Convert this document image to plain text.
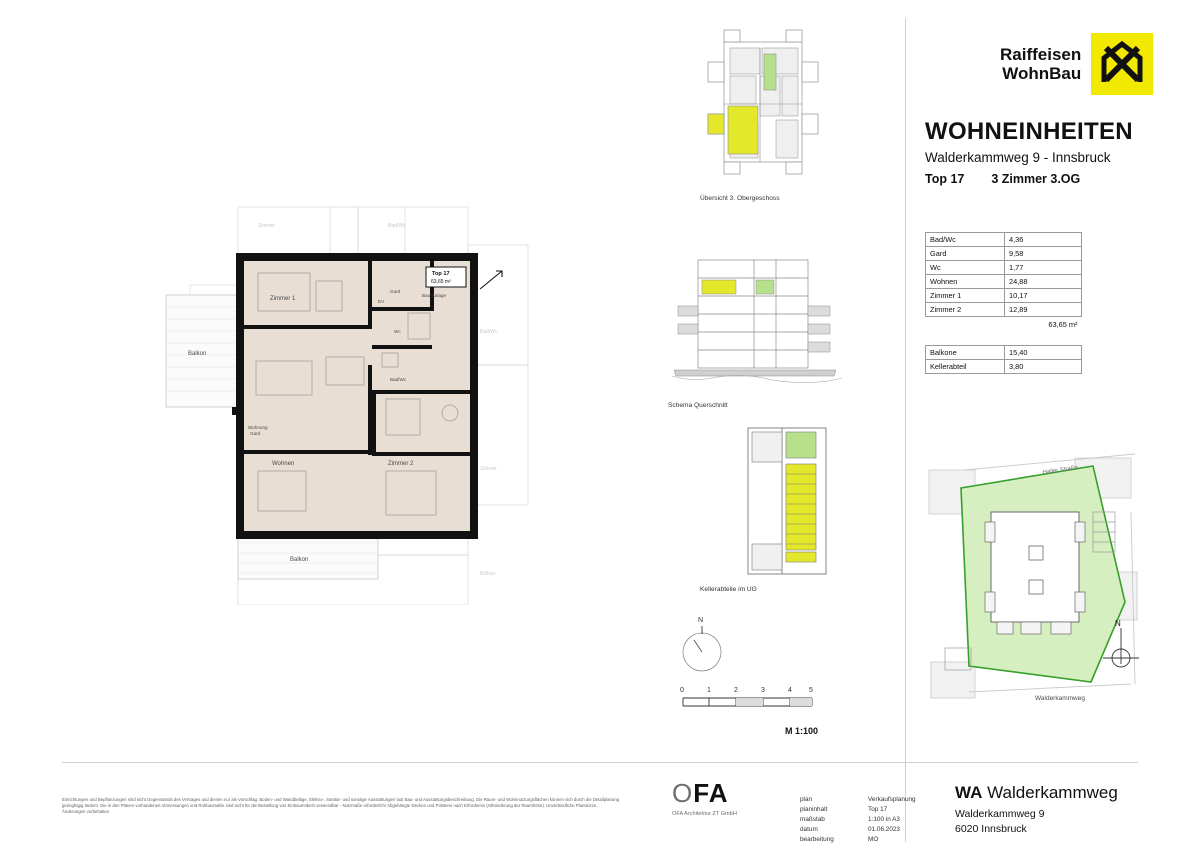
Zimmer	Bad/Wc
Bad/Wc
Zimmer
Balkon
Balkon
Balkon
Zimmer 1
Wohnen	Zimmer 2
Bad/Wc
Wc
Gard
EV
Wohnung
Gard
Top 17
63,65 m²
Bau-Anlage
Übersicht 3. Obergeschoss
Schema Querschnitt
Kellerabteile im UG
N
0	1	2	3	4 5
M 1:100
Raiffeisen
WohnBau
WOHNEINHEITEN
Walderkammweg 9 - Innsbruck
Top 17 3 Zimmer 3.OG
Bad/Wc	4,36
Gard	9,58
Wc	1,77
Wohnen	24,88
Zimmer 1	10,17
Zimmer 2	12,89
63,65 m²	
Balkone	15,40
Kellerabteil	3,80
Haller Straße
Walderkammweg
N
OFA
OFA Architektur ZT GmbH
plan	Verkaufsplanung
planinhalt	Top 17
maßstab	1:100 in A3
datum	01.06.2023
bearbeitung	MO
WA Walderkammweg
Walderkammweg 9
6020 Innsbruck
Einrichtungen und Bepflanzungen sind nicht Gegenstands des Vertrages und dienen nur als Vorschlag. Boden- und Wandbeläge, Elektro-, Sanitär- und sonstige Ausstattungen laut Bau- und Ausstattungsbeschreibung. Die Raum- und Wohnnutzungsflächen können sich durch die Detailplanung geringfügig ändern. Die in den Plänen vorhandenen Abmessungen und Rohbaumaße sind nicht für die Bestellung von Einbaumöbeln verwendbar - Nutzmaße erforderlich! Abgehängte Decken und Polsterei nach Erfordernis (Allminderung der Raumhöhe). Unverbindliche Planskizze, Änderungen vorbehalten.
